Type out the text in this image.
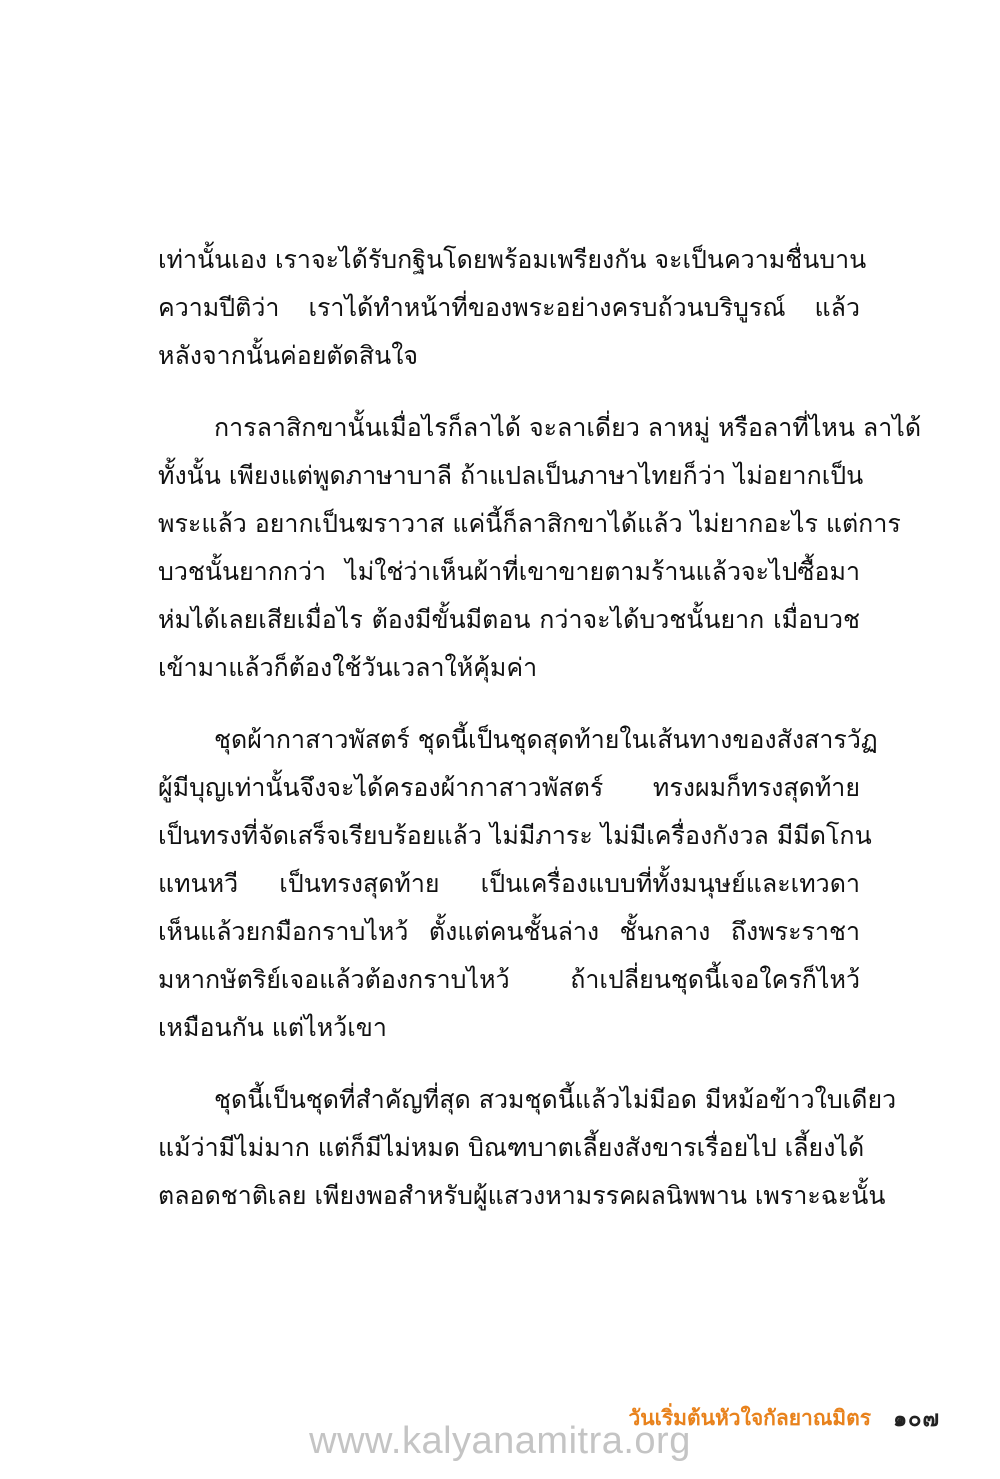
เท่านั้นเอง เราจะได้รับกฐินโดยพร้อมเพรียงกัน จะเป็นความชื่นบาน
ความปีติว่า เราได้ทำหน้าที่ของพระอย่างครบถ้วนบริบูรณ์ แล้ว
หลังจากนั้นค่อยตัดสินใจ

การลาสิกขานั้นเมื่อไรก็ลาได้ จะลาเดี่ยว ลาหมู่ หรือลาที่ไหน ลาได้
ทั้งนั้น เพียงแต่พูดภาษาบาลี ถ้าแปลเป็นภาษาไทยก็ว่า ไม่อยากเป็น
พระแล้ว อยากเป็นฆราวาส แค่นี้ก็ลาสิกขาได้แล้ว ไม่ยากอะไร แต่การ
บวชนั้นยากกว่า ไม่ใช่ว่าเห็นผ้าที่เขาขายตามร้านแล้วจะไปซื้อมา
ห่มได้เลยเสียเมื่อไร ต้องมีขั้นมีตอน กว่าจะได้บวชนั้นยาก เมื่อบวช
เข้ามาแล้วก็ต้องใช้วันเวลาให้คุ้มค่า

ชุดผ้ากาสาวพัสตร์ ชุดนี้เป็นชุดสุดท้ายในเส้นทางของสังสารวัฏ
ผู้มีบุญเท่านั้นจึงจะได้ครองผ้ากาสาวพัสตร์ ทรงผมก็ทรงสุดท้าย
เป็นทรงที่จัดเสร็จเรียบร้อยแล้ว ไม่มีภาระ ไม่มีเครื่องกังวล มีมีดโกน
แทนหวี เป็นทรงสุดท้าย เป็นเครื่องแบบที่ทั้งมนุษย์และเทวดา
เห็นแล้วยกมือกราบไหว้ ตั้งแต่คนชั้นล่าง ชั้นกลาง ถึงพระราชา
มหากษัตริย์เจอแล้วต้องกราบไหว้ ถ้าเปลี่ยนชุดนี้เจอใครก็ไหว้
เหมือนกัน แต่ไหว้เขา

ชุดนี้เป็นชุดที่สำคัญที่สุด สวมชุดนี้แล้วไม่มีอด มีหม้อข้าวใบเดียว
แม้ว่ามีไม่มาก แต่ก็มีไม่หมด บิณฑบาตเลี้ยงสังขารเรื่อยไป เลี้ยงได้
ตลอดชาติเลย เพียงพอสำหรับผู้แสวงหามรรคผลนิพพาน เพราะฉะนั้น

วันเริ่มต้นหัวใจกัลยาณมิตร ๑๐๗
www.kalyanamitra.org
